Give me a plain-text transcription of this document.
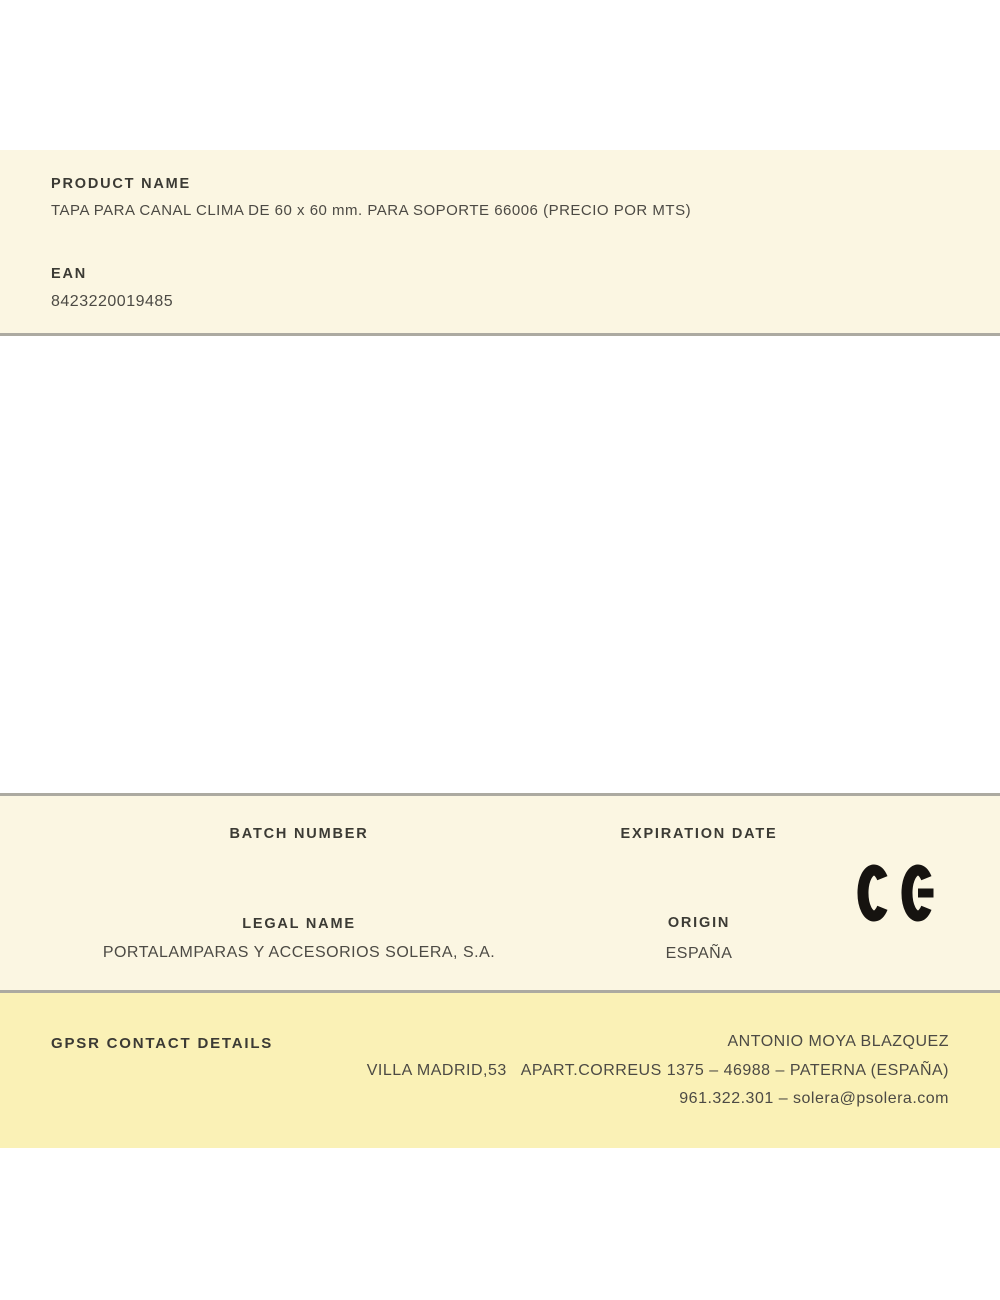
PRODUCT NAME
TAPA PARA CANAL CLIMA DE 60 x 60 mm. PARA SOPORTE 66006 (PRECIO POR MTS)
EAN
8423220019485
BATCH NUMBER	EXPIRATION DATE
LEGAL NAME
PORTALAMPARAS Y ACCESORIOS SOLERA, S.A.
ORIGIN
ESPAÑA
GPSR CONTACT DETAILS	ANTONIO MOYA BLAZQUEZ
VILLA MADRID,53   APART.CORREUS 1375 – 46988 – PATERNA (ESPAÑA)
961.322.301 – solera@psolera.com
